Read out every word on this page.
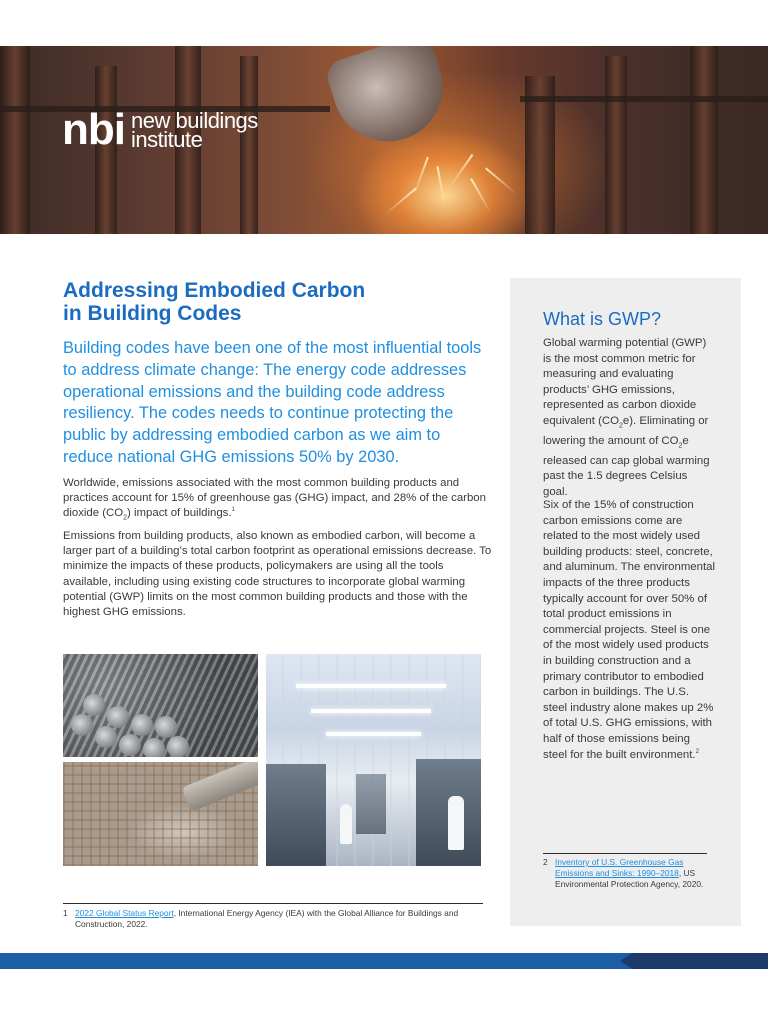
nbi new buildings
institute
Addressing Embodied Carbon
in Building Codes

Building codes have been one of the most influential tools to address climate change: The energy code addresses operational emissions and the building code address resiliency. The codes needs to continue protecting the public by addressing embodied carbon as we aim to reduce national GHG emissions 50% by 2030.

Worldwide, emissions associated with the most common building products and practices account for 15% of greenhouse gas (GHG) impact, and 28% of the carbon dioxide $(CO_2)$ impact of buildings.$^1$

Emissions from building products, also known as embodied carbon, will become a larger part of a building’s total carbon footprint as operational emissions decrease. To minimize the impacts of these products, policymakers are using all the tools available, including using existing code structures to incorporate global warming potential (GWP) limits on the most common building products and those with the highest GHG emissions.

1 2022 Global Status Report, International Energy Agency (IEA) with the Global Alliance for Buildings and Construction, 2022.
What is GWP?

Global warming potential (GWP) is the most common metric for measuring and evaluating products’ GHG emissions, represented as carbon dioxide equivalent $(CO_2e)$. Eliminating or lowering the amount of $CO_2e$ released can cap global warming past the 1.5 degrees Celsius goal.

Six of the 15% of construction carbon emissions come are related to the most widely used building products: steel, concrete, and aluminum. The environmental impacts of the three products typically account for over 50% of total product emissions in commercial projects. Steel is one of the most widely used products in building construction and a primary contributor to embodied carbon in buildings. The U.S. steel industry alone makes up 2% of total U.S. GHG emissions, with half of those emissions being steel for the built environment.$^2$

2 Inventory of U.S. Greenhouse Gas Emissions and Sinks: 1990–2018, US Environmental Protection Agency, 2020.
